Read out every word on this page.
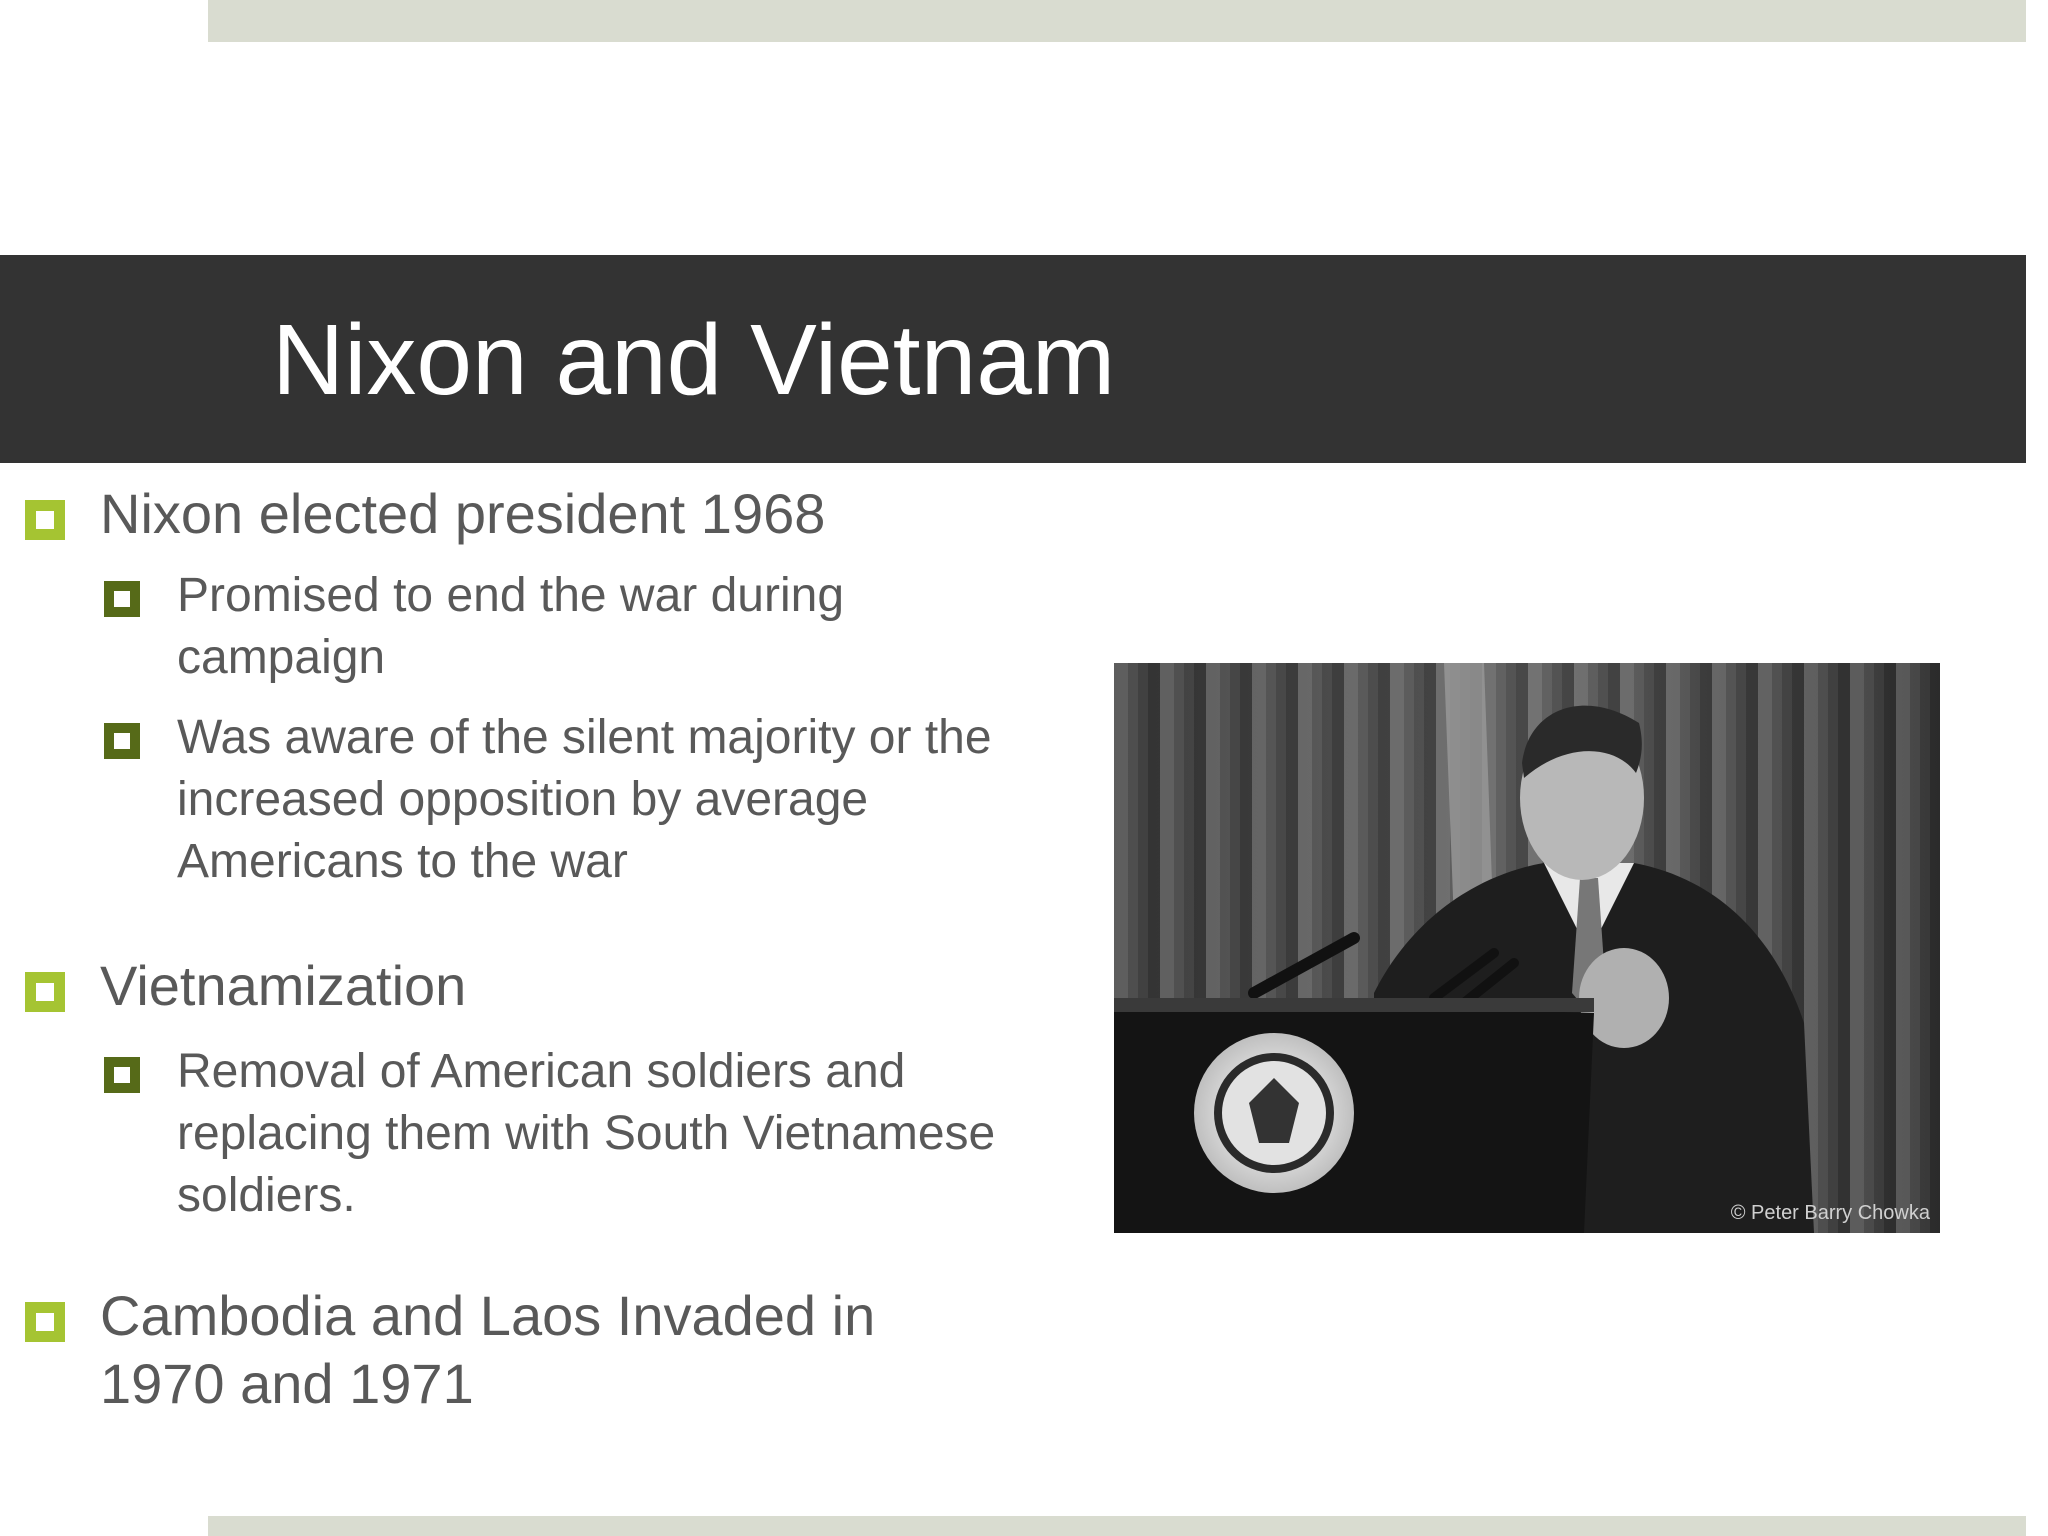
Nixon and Vietnam
Nixon elected president 1968
Promised to end the war during campaign
Was aware of the silent majority or the increased opposition by average Americans to the war
Vietnamization
Removal of American soldiers and replacing them with South Vietnamese soldiers.
Cambodia and Laos Invaded in 1970 and 1971
© Peter Barry Chowka
